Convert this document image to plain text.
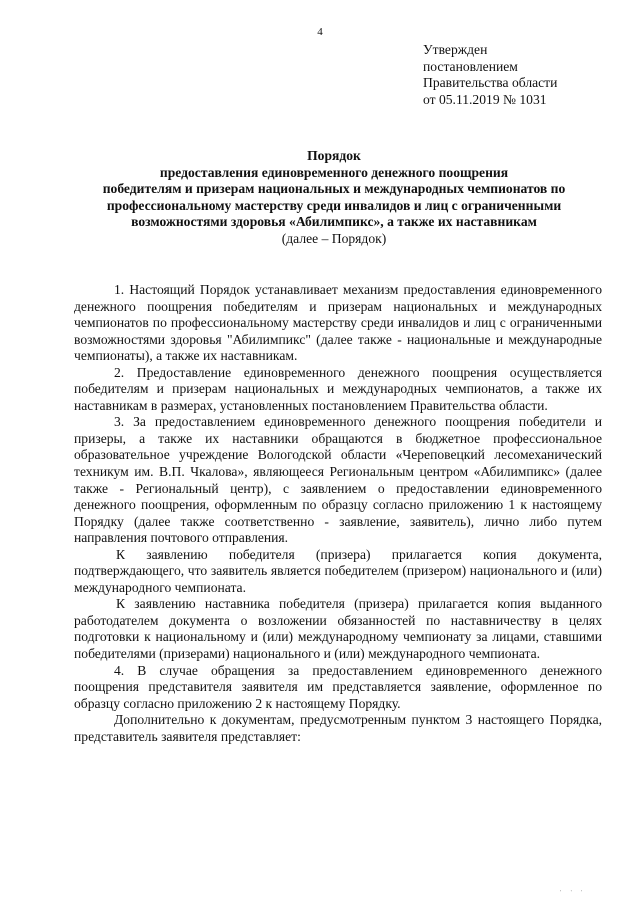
4
Утвержден
постановлением
Правительства области
от 05.11.2019 № 1031
Порядок
предоставления единовременного денежного поощрения
победителям и призерам национальных и международных чемпионатов по
профессиональному мастерству среди инвалидов и лиц с ограниченными
возможностями здоровья «Абилимпикс», а также их наставникам
(далее – Порядок)

1. Настоящий Порядок устанавливает механизм предоставления единовременного денежного поощрения победителям и призерам национальных и международных чемпионатов по профессиональному мастерству среди инвалидов и лиц с ограниченными возможностями здоровья "Абилимпикс" (далее также - национальные и международные чемпионаты), а также их наставникам.

2. Предоставление единовременного денежного поощрения осуществляется победителям и призерам национальных и международных чемпионатов, а также их наставникам в размерах, установленных постановлением Правительства области.

3. За предоставлением единовременного денежного поощрения победители и призеры, а также их наставники обращаются в бюджетное профессиональное образовательное учреждение Вологодской области «Череповецкий лесомеханический техникум им. В.П. Чкалова», являющееся Региональным центром «Абилимпикс» (далее также - Региональный центр), с заявлением о предоставлении единовременного денежного поощрения, оформленным по образцу согласно приложению 1 к настоящему Порядку (далее также соответственно - заявление, заявитель), лично либо путем направления почтового отправления.

К заявлению победителя (призера) прилагается копия документа, подтверждающего, что заявитель является победителем (призером) национального и (или) международного чемпионата.

К заявлению наставника победителя (призера) прилагается копия выданного работодателем документа о возложении обязанностей по наставничеству в целях подготовки к национальному и (или) международному чемпионату за лицами, ставшими победителями (призерами) национального и (или) международного чемпионата.

4. В случае обращения за предоставлением единовременного денежного поощрения представителя заявителя им представляется заявление, оформленное по образцу согласно приложению 2 к настоящему Порядку.

Дополнительно к документам, предусмотренным пунктом 3 настоящего Порядка, представитель заявителя представляет:

' ' '
